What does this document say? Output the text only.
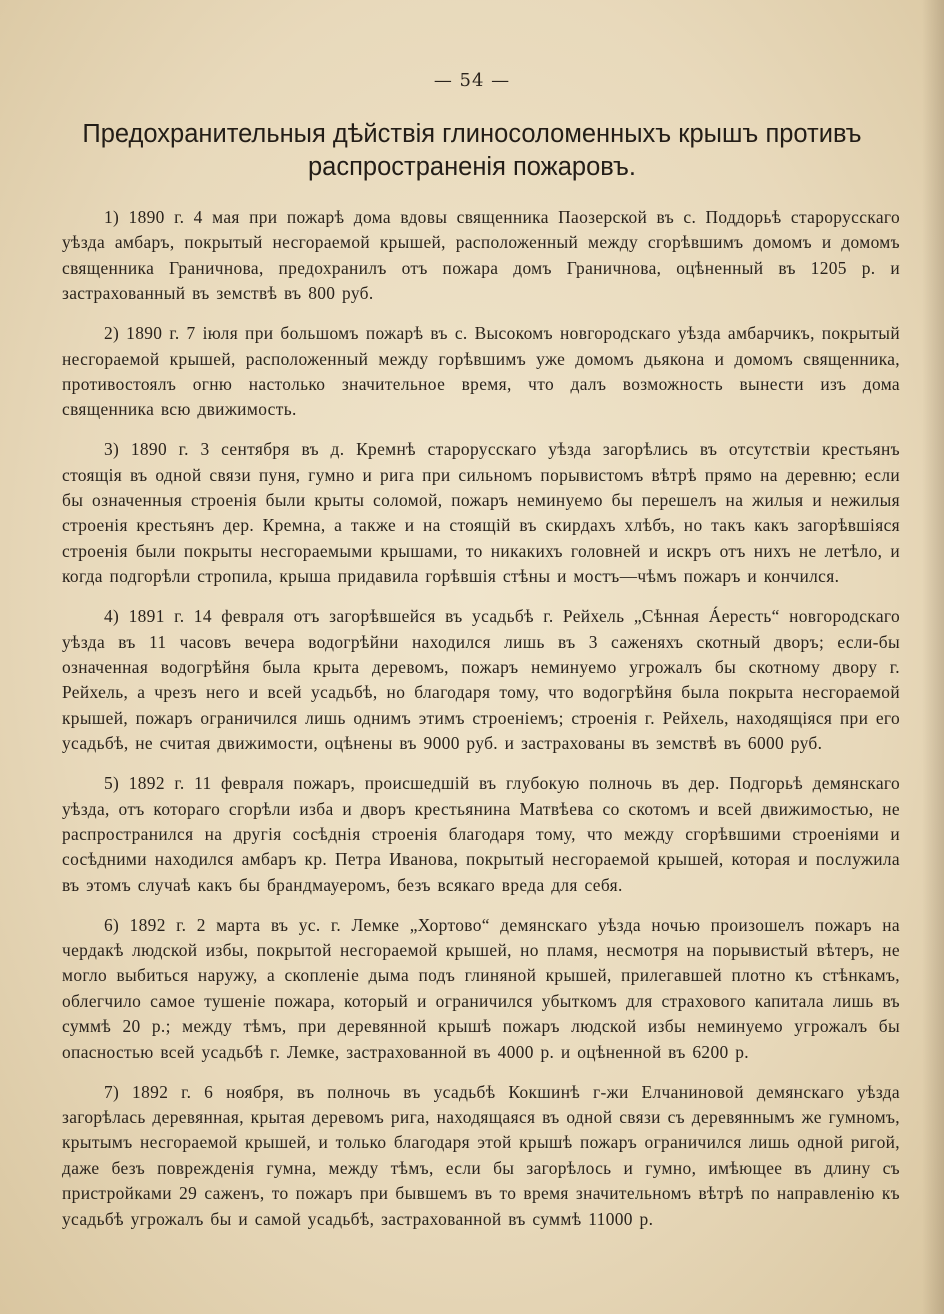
— 54 —
Предохранительныя дѣйствія глиносоломенныхъ крышъ противъ
распространенія пожаровъ.

1) 1890 г. 4 мая при пожарѣ дома вдовы священника Паозерской въ с. Поддорьѣ старорусскаго уѣзда амбаръ, покрытый несгораемой крышей, расположенный между сгорѣвшимъ домомъ и домомъ священника Граничнова, предохранилъ отъ пожара домъ Граничнова, оцѣненный въ 1205 р. и застрахованный въ земствѣ въ 800 руб.

2) 1890 г. 7 іюля при большомъ пожарѣ въ с. Высокомъ новгородскаго уѣзда амбарчикъ, покрытый несгораемой крышей, расположенный между горѣвшимъ уже домомъ дьякона и домомъ священника, противостоялъ огню настолько значительное время, что далъ возможность вынести изъ дома священника всю движимость.

3) 1890 г. 3 сентября въ д. Кремнѣ старорусскаго уѣзда загорѣлись въ отсутствіи крестьянъ стоящія въ одной связи пуня, гумно и рига при сильномъ порывистомъ вѣтрѣ прямо на деревню; если бы означенныя строенія были крыты соломой, пожаръ неминуемо бы перешелъ на жилыя и нежилыя строенія крестьянъ дер. Кремна, а также и на стоящій въ скирдахъ хлѣбъ, но такъ какъ загорѣвшіяся строенія были покрыты несгораемыми крышами, то никакихъ головней и искръ отъ нихъ не летѣло, и когда подгорѣли стропила, крыша придавила горѣвшія стѣны и мостъ—чѣмъ пожаръ и кончился.

4) 1891 г. 14 февраля отъ загорѣвшейся въ усадьбѣ г. Рейхель „Сѣнная Áересть“ новгородскаго уѣзда въ 11 часовъ вечера водогрѣйни находился лишь въ 3 саженяхъ скотный дворъ; если-бы означенная водогрѣйня была крыта деревомъ, пожаръ неминуемо угрожалъ бы скотному двору г. Рейхель, а чрезъ него и всей усадьбѣ, но благодаря тому, что водогрѣйня была покрыта несгораемой крышей, пожаръ ограничился лишь однимъ этимъ строеніемъ; строенія г. Рейхель, находящіяся при его усадьбѣ, не считая движимости, оцѣнены въ 9000 руб. и застрахованы въ земствѣ въ 6000 руб.

5) 1892 г. 11 февраля пожаръ, происшедшій въ глубокую полночь въ дер. Подгорьѣ демянскаго уѣзда, отъ котораго сгорѣли изба и дворъ крестьянина Матвѣева со скотомъ и всей движимостью, не распространился на другія сосѣднія строенія благодаря тому, что между сгорѣвшими строеніями и сосѣдними находился амбаръ кр. Петра Иванова, покрытый несгораемой крышей, которая и послужила въ этомъ случаѣ какъ бы брандмауеромъ, безъ всякаго вреда для себя.

6) 1892 г. 2 марта въ ус. г. Лемке „Хортово“ демянскаго уѣзда ночью произошелъ пожаръ на чердакѣ людской избы, покрытой несгораемой крышей, но пламя, несмотря на порывистый вѣтеръ, не могло выбиться наружу, а скопленіе дыма подъ глиняной крышей, прилегавшей плотно къ стѣнкамъ, облегчило самое тушеніе пожара, который и ограничился убыткомъ для страхового капитала лишь въ суммѣ 20 р.; между тѣмъ, при деревянной крышѣ пожаръ людской избы неминуемо угрожалъ бы опасностью всей усадьбѣ г. Лемке, застрахованной въ 4000 р. и оцѣненной въ 6200 р.

7) 1892 г. 6 ноября, въ полночь въ усадьбѣ Кокшинѣ г-жи Елчаниновой демянскаго уѣзда загорѣлась деревянная, крытая деревомъ рига, находящаяся въ одной связи съ деревяннымъ же гумномъ, крытымъ несгораемой крышей, и только благодаря этой крышѣ пожаръ ограничился лишь одной ригой, даже безъ поврежденія гумна, между тѣмъ, если бы загорѣлось и гумно, имѣющее въ длину съ пристройками 29 саженъ, то пожаръ при бывшемъ въ то время значительномъ вѣтрѣ по направленію къ усадьбѣ угрожалъ бы и самой усадьбѣ, застрахованной въ суммѣ 11000 р.
